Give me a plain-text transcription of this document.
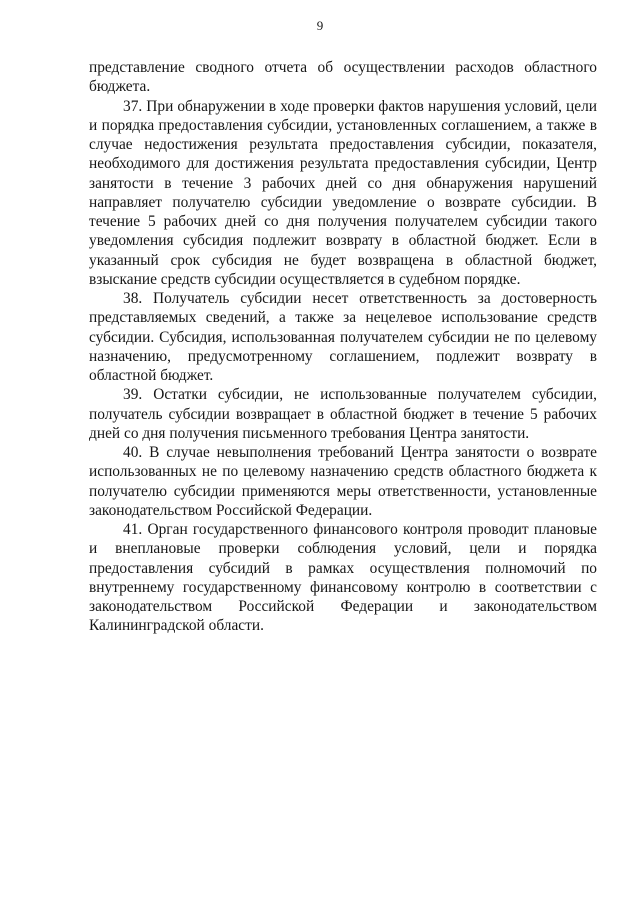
9

представление сводного отчета об осуществлении расходов областного бюджета.

37. При обнаружении в ходе проверки фактов нарушения условий, цели и порядка предоставления субсидии, установленных соглашением, а также в случае недостижения результата предоставления субсидии, показателя, необходимого для достижения результата предоставления субсидии, Центр занятости в течение 3 рабочих дней со дня обнаружения нарушений направляет получателю субсидии уведомление о возврате субсидии. В течение 5 рабочих дней со дня получения получателем субсидии такого уведомления субсидия подлежит возврату в областной бюджет. Если в указанный срок субсидия не будет возвращена в областной бюджет, взыскание средств субсидии осуществляется в судебном порядке.

38. Получатель субсидии несет ответственность за достоверность представляемых сведений, а также за нецелевое использование средств субсидии. Субсидия, использованная получателем субсидии не по целевому назначению, предусмотренному соглашением, подлежит возврату в областной бюджет.

39. Остатки субсидии, не использованные получателем субсидии, получатель субсидии возвращает в областной бюджет в течение 5 рабочих дней со дня получения письменного требования Центра занятости.

40. В случае невыполнения требований Центра занятости о возврате использованных не по целевому назначению средств областного бюджета к получателю субсидии применяются меры ответственности, установленные законодательством Российской Федерации.

41. Орган государственного финансового контроля проводит плановые и внеплановые проверки соблюдения условий, цели и порядка предоставления субсидий в рамках осуществления полномочий по внутреннему государственному финансовому контролю в соответствии с законодательством Российской Федерации и законодательством Калининградской области.
